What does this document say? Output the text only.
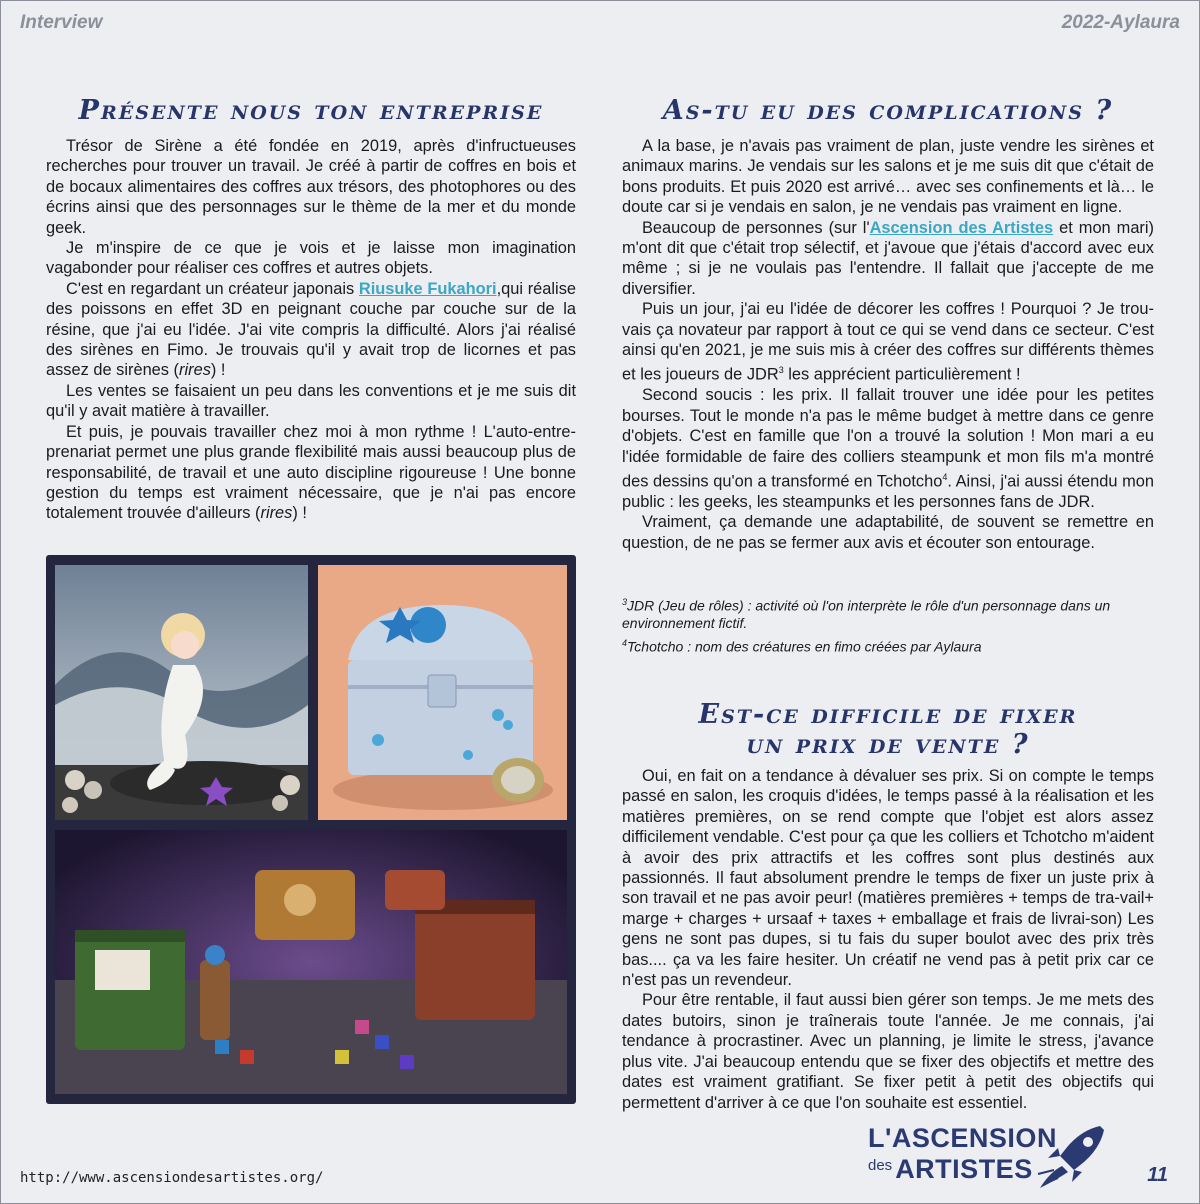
Interview	2022-Aylaura
Présente nous ton entreprise

Trésor de Sirène a été fondée en 2019, après d'infructueuses recherches pour trouver un travail. Je créé à partir de coffres en bois et de bocaux alimentaires des coffres aux trésors, des photophores ou des écrins ainsi que des personnages sur le thème de la mer et du monde geek.

Je m'inspire de ce que je vois et je laisse mon imagination vagabonder pour réaliser ces coffres et autres objets.

C'est en regardant un créateur japonais Riusuke Fukahori,qui réalise des poissons en effet 3D en peignant couche par couche sur de la résine, que j'ai eu l'idée. J'ai vite compris la difficulté. Alors j'ai réalisé des sirènes en Fimo. Je trouvais qu'il y avait trop de licornes et pas assez de sirènes (rires) !

Les ventes se faisaient un peu dans les conventions et je me suis dit qu'il y avait matière à travailler.

Et puis, je pouvais travailler chez moi à mon rythme ! L'auto-entre-prenariat permet une plus grande flexibilité mais aussi beaucoup plus de responsabilité, de travail et une auto discipline rigoureuse ! Une bonne gestion du temps est vraiment nécessaire, que je n'ai pas encore totalement trouvée d'ailleurs (rires) !

As-tu eu des complications ?

A la base, je n'avais pas vraiment de plan, juste vendre les sirènes et animaux marins. Je vendais sur les salons et je me suis dit que c'était de bons produits. Et puis 2020 est arrivé… avec ses confinements et là… le doute car si je vendais en salon, je ne vendais pas vraiment en ligne.

Beaucoup de personnes (sur l'Ascension des Artistes et mon mari) m'ont dit que c'était trop sélectif, et j'avoue que j'étais d'accord avec eux même ; si je ne voulais pas l'entendre. Il fallait que j'accepte de me diversifier.

Puis un jour, j'ai eu l'idée de décorer les coffres ! Pourquoi ? Je trou-vais ça novateur par rapport à tout ce qui se vend dans ce secteur. C'est ainsi qu'en 2021, je me suis mis à créer des coffres sur différents thèmes et les joueurs de JDR$^3$ les apprécient particulièrement !

Second soucis : les prix. Il fallait trouver une idée pour les petites bourses. Tout le monde n'a pas le même budget à mettre dans ce genre d'objets. C'est en famille que l'on a trouvé la solution ! Mon mari a eu l'idée formidable de faire des colliers steampunk et mon fils m'a montré des dessins qu'on a transformé en Tchotcho$^4$. Ainsi, j'ai aussi étendu mon public : les geeks, les steampunks et les personnes fans de JDR.

Vraiment, ça demande une adaptabilité, de souvent se remettre en question, de ne pas se fermer aux avis et écouter son entourage.

$^3$JDR (Jeu de rôles) : activité où l'on interprète le rôle d'un personnage dans un environnement fictif.

$^4$Tchotcho : nom des créatures en fimo créées par Aylaura

Est-ce difficile de fixer
un prix de vente ?

Oui, en fait on a tendance à dévaluer ses prix. Si on compte le temps passé en salon, les croquis d'idées, le temps passé à la réalisation et les matières premières, on se rend compte que l'objet est alors assez difficilement vendable. C'est pour ça que les colliers et Tchotcho m'aident à avoir des prix attractifs et les coffres sont plus destinés aux passionnés. Il faut absolument prendre le temps de fixer un juste prix à son travail et ne pas avoir peur! (matières premières + temps de tra-vail+ marge + charges + ursaaf + taxes + emballage et frais de livrai-son) Les gens ne sont pas dupes, si tu fais du super boulot avec des prix très bas.... ça va les faire hesiter. Un créatif ne vend pas à petit prix car ce n'est pas un revendeur.

Pour être rentable, il faut aussi bien gérer son temps. Je me mets des dates butoirs, sinon je traînerais toute l'année. Je me connais, j'ai tendance à procrastiner. Avec un planning, je limite le stress, j'avance plus vite. J'ai beaucoup entendu que se fixer des objectifs et mettre des dates est vraiment gratifiant. Se fixer petit à petit des objectifs qui permettent d'arriver à ce que l'on souhaite est essentiel.

http://www.ascensiondesartistes.org/
L'ASCENSION
des ARTISTES	11
